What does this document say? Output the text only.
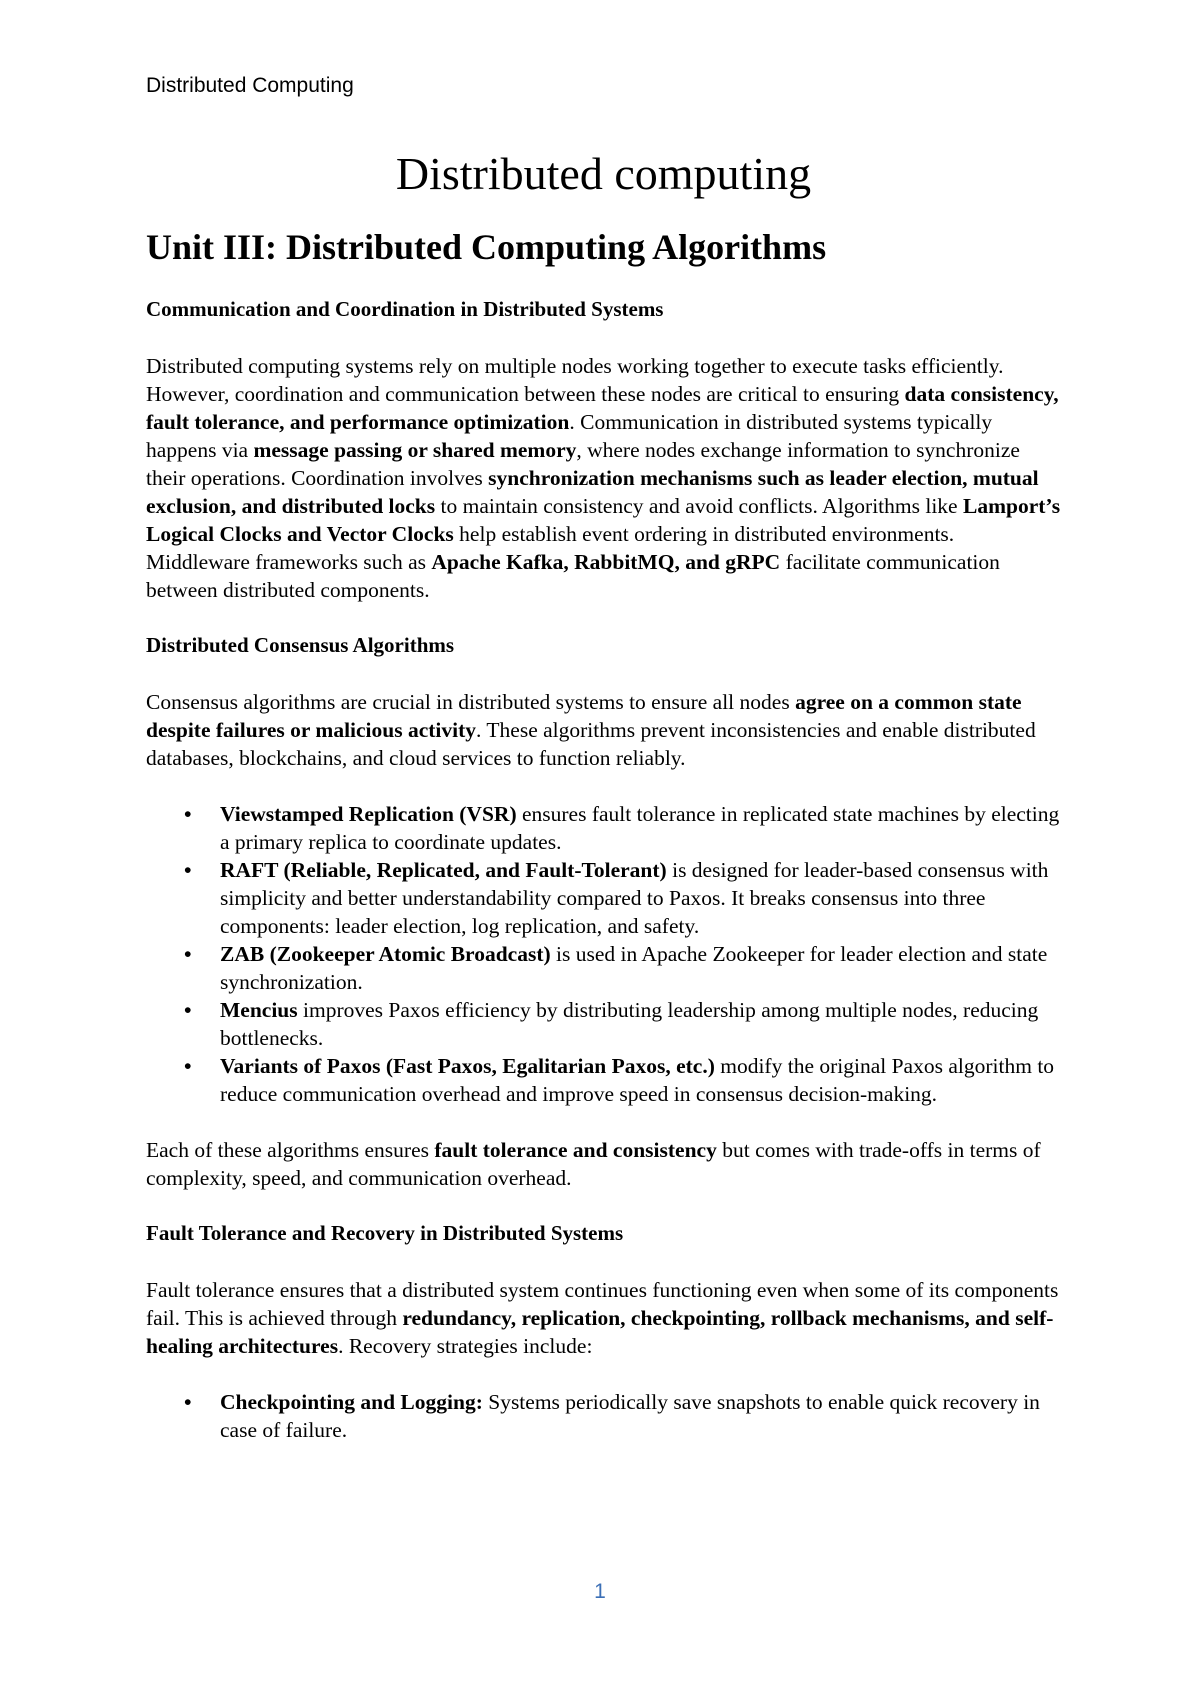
Distributed Computing
Distributed computing
Unit III: Distributed Computing Algorithms
Communication and Coordination in Distributed Systems

Distributed computing systems rely on multiple nodes working together to execute tasks efficiently. However, coordination and communication between these nodes are critical to ensuring data consistency, fault tolerance, and performance optimization. Communication in distributed systems typically happens via message passing or shared memory, where nodes exchange information to synchronize their operations. Coordination involves synchronization mechanisms such as leader election, mutual exclusion, and distributed locks to maintain consistency and avoid conflicts. Algorithms like Lamport’s Logical Clocks and Vector Clocks help establish event ordering in distributed environments. Middleware frameworks such as Apache Kafka, RabbitMQ, and gRPC facilitate communication between distributed components.

Distributed Consensus Algorithms

Consensus algorithms are crucial in distributed systems to ensure all nodes agree on a common state despite failures or malicious activity. These algorithms prevent inconsistencies and enable distributed databases, blockchains, and cloud services to function reliably.

• Viewstamped Replication (VSR) ensures fault tolerance in replicated state machines by electing a primary replica to coordinate updates.
• RAFT (Reliable, Replicated, and Fault-Tolerant) is designed for leader-based consensus with simplicity and better understandability compared to Paxos. It breaks consensus into three components: leader election, log replication, and safety.
• ZAB (Zookeeper Atomic Broadcast) is used in Apache Zookeeper for leader election and state synchronization.
• Mencius improves Paxos efficiency by distributing leadership among multiple nodes, reducing bottlenecks.
• Variants of Paxos (Fast Paxos, Egalitarian Paxos, etc.) modify the original Paxos algorithm to reduce communication overhead and improve speed in consensus decision-making.

Each of these algorithms ensures fault tolerance and consistency but comes with trade-offs in terms of complexity, speed, and communication overhead.

Fault Tolerance and Recovery in Distributed Systems

Fault tolerance ensures that a distributed system continues functioning even when some of its components fail. This is achieved through redundancy, replication, checkpointing, rollback mechanisms, and self-healing architectures. Recovery strategies include:

• Checkpointing and Logging: Systems periodically save snapshots to enable quick recovery in case of failure.
1
